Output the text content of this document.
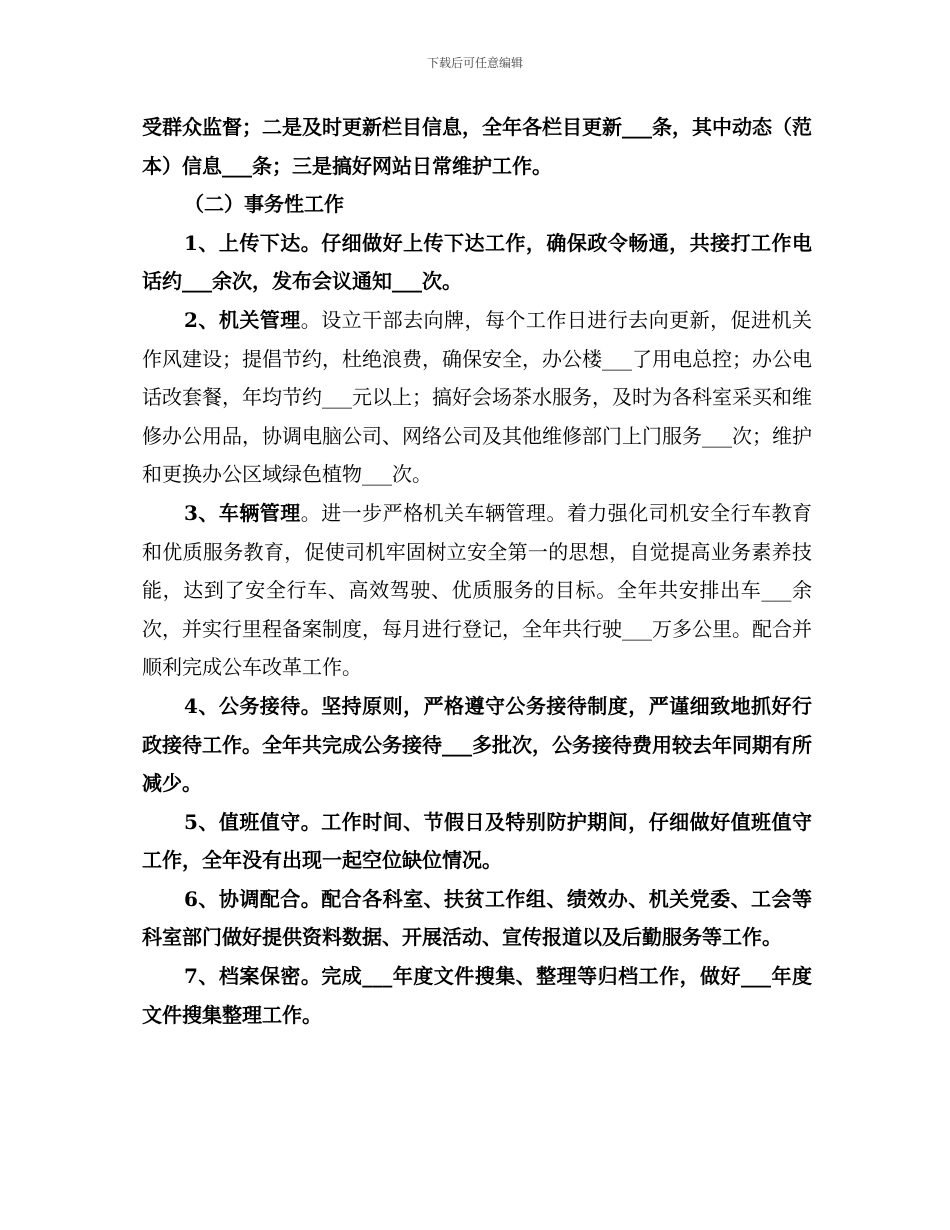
下载后可任意编辑

受群众监督；二是及时更新栏目信息，全年各栏目更新___条，其中动态（范本）信息___条；三是搞好网站日常维护工作。

（二）事务性工作

1、上传下达。仔细做好上传下达工作，确保政令畅通，共接打工作电话约___余次，发布会议通知___次。

2、机关管理。设立干部去向牌，每个工作日进行去向更新，促进机关作风建设；提倡节约，杜绝浪费，确保安全，办公楼___了用电总控；办公电话改套餐，年均节约___元以上；搞好会场茶水服务，及时为各科室采买和维修办公用品，协调电脑公司、网络公司及其他维修部门上门服务___次；维护和更换办公区域绿色植物___次。

3、车辆管理。进一步严格机关车辆管理。着力强化司机安全行车教育和优质服务教育，促使司机牢固树立安全第一的思想，自觉提高业务素养技能，达到了安全行车、高效驾驶、优质服务的目标。全年共安排出车___余次，并实行里程备案制度，每月进行登记，全年共行驶___万多公里。配合并顺利完成公车改革工作。

4、公务接待。坚持原则，严格遵守公务接待制度，严谨细致地抓好行政接待工作。全年共完成公务接待___多批次，公务接待费用较去年同期有所减少。

5、值班值守。工作时间、节假日及特别防护期间，仔细做好值班值守工作，全年没有出现一起空位缺位情况。

6、协调配合。配合各科室、扶贫工作组、绩效办、机关党委、工会等科室部门做好提供资料数据、开展活动、宣传报道以及后勤服务等工作。

7、档案保密。完成___年度文件搜集、整理等归档工作，做好___年度文件搜集整理工作。
